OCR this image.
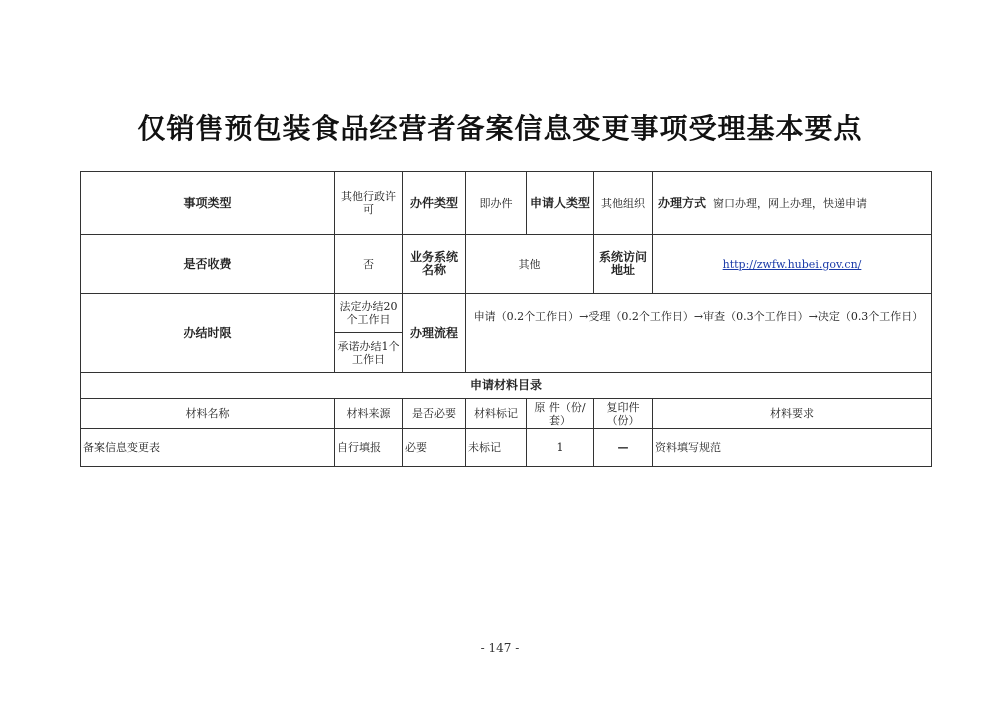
仅销售预包装食品经营者备案信息变更事项受理基本要点
事项类型	其他行政许可	办件类型	即办件	申请人类型	其他组织	办理方式 窗口办理，网上办理，快递申请

是否收费	否	业务系统名称	其他		系统访问地址	http://zwfw.hubei.gov.cn/
办结时限	法定办结20个工作日	办理流程	申请（0.2个工作日）→受理（0.2个工作日）→审查（0.3个工作日）→决定（0.3个工作日）			
	承诺办结1个工作日					
申请材料目录						
材料名称	材料来源	是否必要	材料标记	原 件（份/套）	复印件（份）	材料要求
备案信息变更表	自行填报	必要	未标记	1	—	资料填写规范
- 147 -
